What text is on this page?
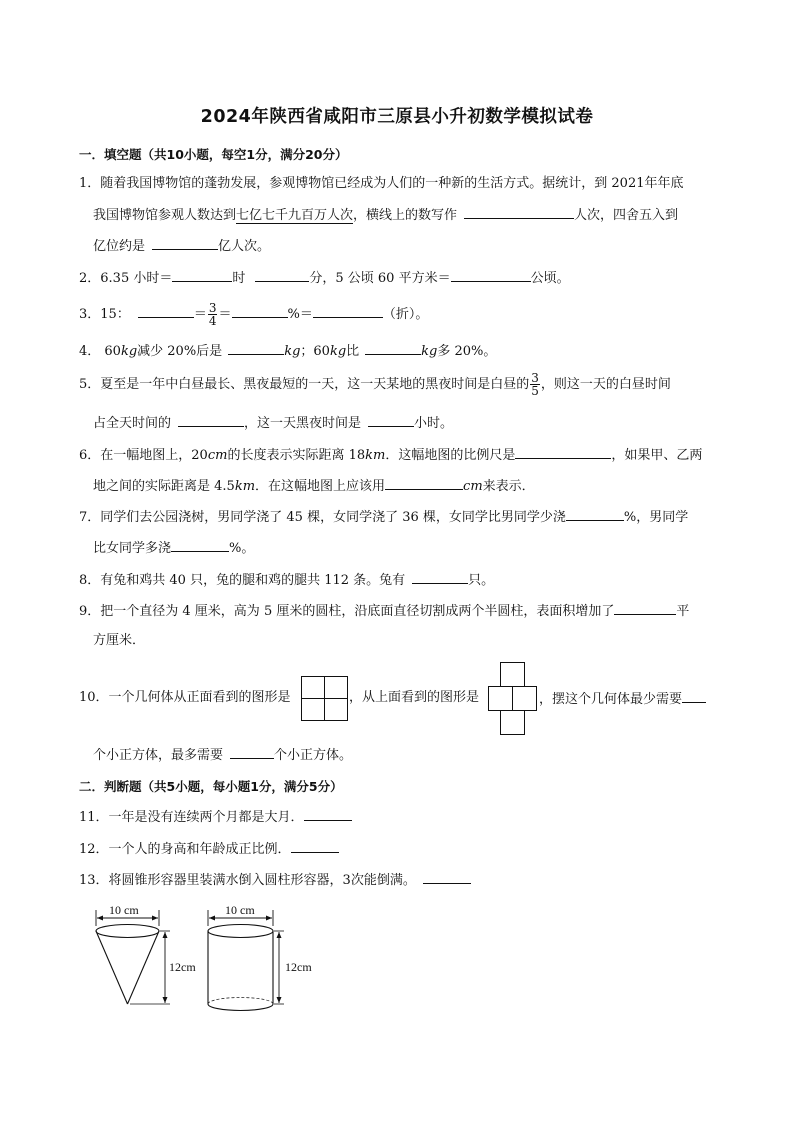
2024年陕西省咸阳市三原县小升初数学模拟试卷
一．填空题（共10小题，每空1分，满分20分）
1．随着我国博物馆的蓬勃发展，参观博物馆已经成为人们的一种新的生活方式。据统计，到 2021年年底
我国博物馆参观人数达到七亿七千九百万人次，横线上的数写作	人次，四舍五入到
亿位约是	亿人次。
2．6.35 小时＝	时	分，5 公顷 60 平方米＝	公顷。
3．15：	＝ $\frac{3}{4}$ ＝	%＝	（折）。
4． 60kg减少 20%后是	kg；60kg比	kg多 20%。
5．夏至是一年中白昼最长、黑夜最短的一天，这一天某地的黑夜时间是白昼的 $\frac{3}{5}$ ，则这一天的白昼时间
占全天时间的	，这一天黑夜时间是	小时。
6．在一幅地图上，20cm的长度表示实际距离 18km．这幅地图的比例尺是	，如果甲、乙两
地之间的实际距离是 4.5km．在这幅地图上应该用	cm来表示．
7．同学们去公园浇树，男同学浇了 45 棵，女同学浇了 36 棵，女同学比男同学少浇	%，男同学
比女同学多浇	%。
8．有兔和鸡共 40 只，兔的腿和鸡的腿共 112 条。兔有	只。
9．把一个直径为 4 厘米，高为 5 厘米的圆柱，沿底面直径切割成两个半圆柱，表面积增加了	平
方厘米．
10．一个几何体从正面看到的图形是	，从上面看到的图形是	，摆这个几何体最少需要
个小正方体，最多需要	个小正方体。
二．判断题（共5小题，每小题1分，满分5分）
11．一年是没有连续两个月都是大月．
12．一个人的身高和年龄成正比例．
13．将圆锥形容器里装满水倒入圆柱形容器，3次能倒满。
10 cm
12cm
10 cm
12cm
